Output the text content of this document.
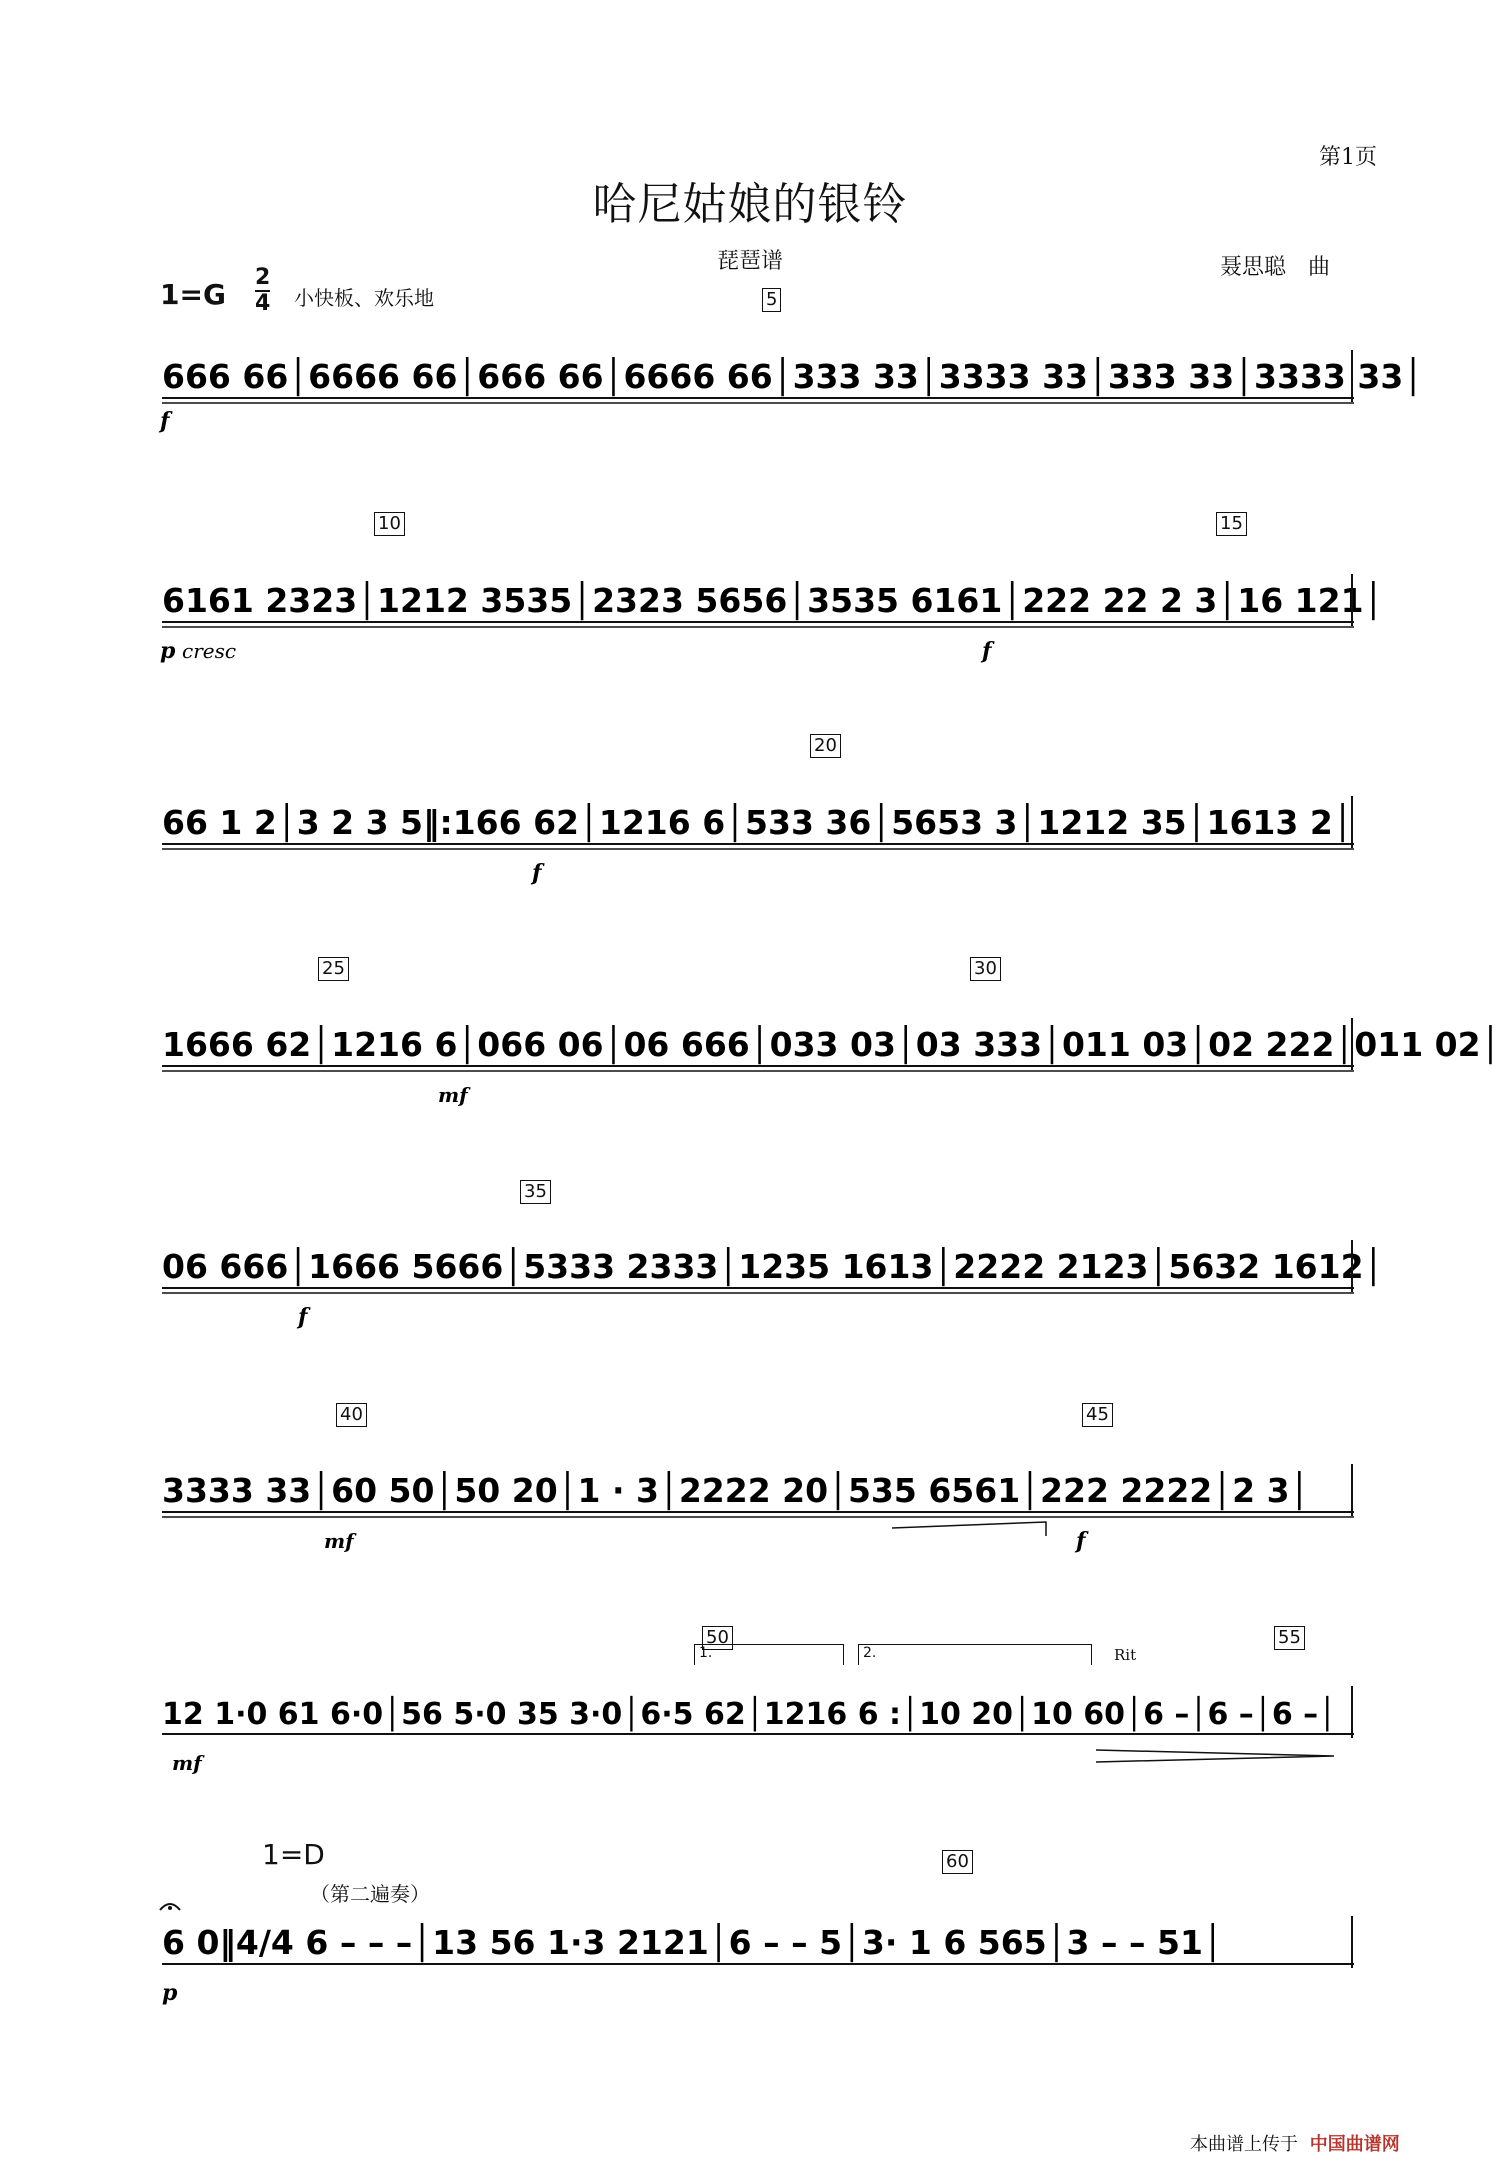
第1页
哈尼姑娘的银铃
琵琶谱	聂思聪　曲
1=G
2
4 小快板、欢乐地	5
10	15
20
25	30
35
40	45
50	55
60
666 66│6666 66│666 66│6666 66│333 33│3333 33│333 33│3333 33│
f
6161 2323│1212 3535│2323 5656│3535 6161│222 22 2 3│16 121│
p cresc	f
66 1 2│3 2 3 5‖:166 62│1216 6│533 36│5653 3│1212 35│1613 2│
f
1666 62│1216 6│066 06│06 666│033 03│03 333│011 03│02 222│011 02│
mf
06 666│1666 5666│5333 2333│1235 1613│2222 2123│5632 1612│
f
3333 33│60 50│50 20│1 · 3│2222 20│535 6561│222 2222│2 3│
mf	f
1.	2.	Rit
12 1·0 61 6·0│56 5·0 35 3·0│6·5 62│1216 6 :│10 20│10 60│6 –│6 –│6 –│
mf
1=D
（第二遍奏）
6 0‖4/4 6 – – –│13 56 1·3 2121│6 – – 5│3· 1 6 565│3 – – 51│
p
本曲谱上传于 中国曲谱网
